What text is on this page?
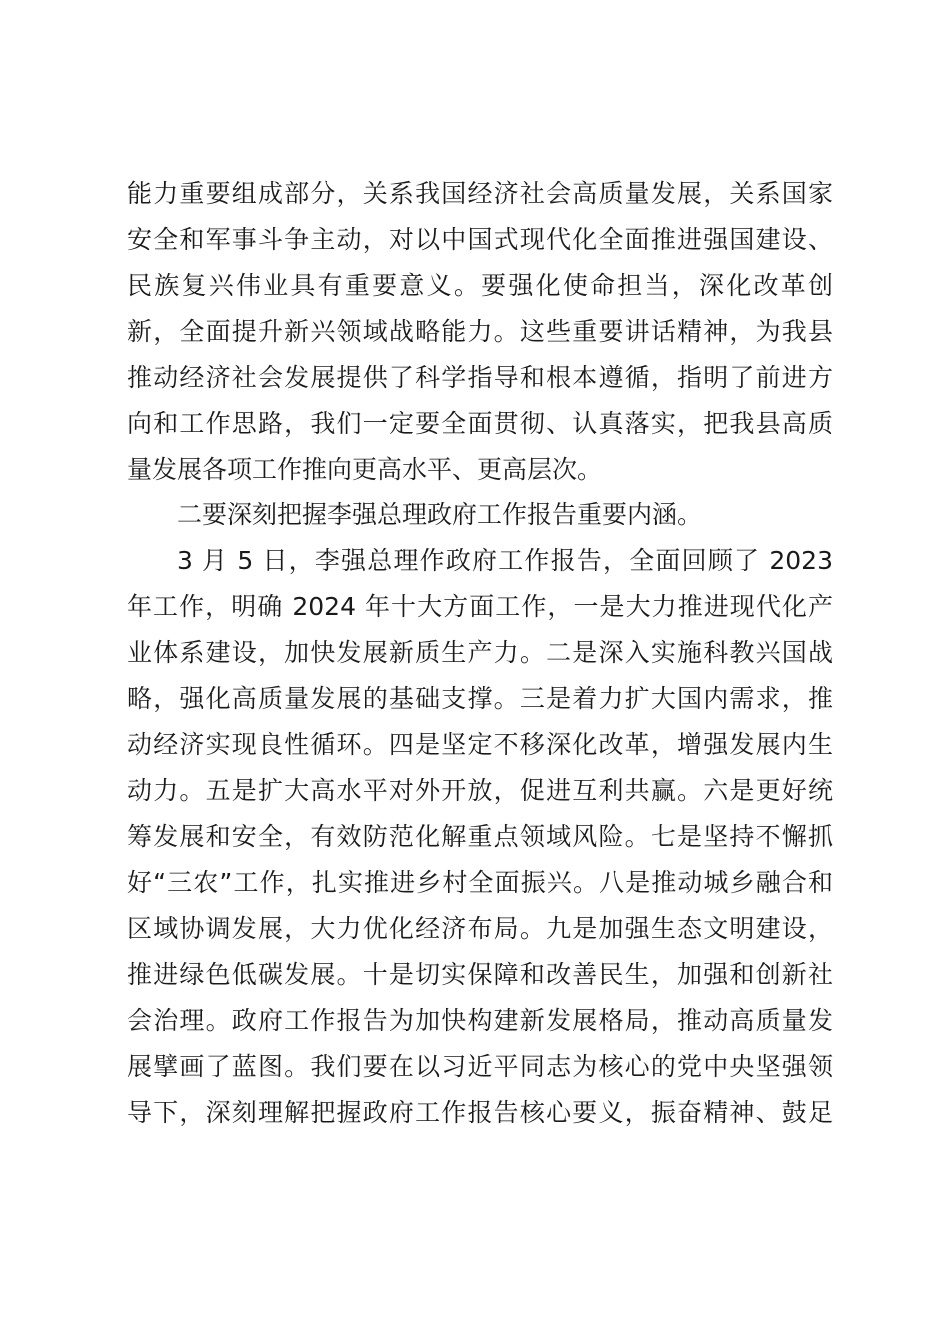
能力重要组成部分，关系我国经济社会高质量发展，关系国家
安全和军事斗争主动，对以中国式现代化全面推进强国建设、
民族复兴伟业具有重要意义。要强化使命担当，深化改革创
新，全面提升新兴领域战略能力。这些重要讲话精神，为我县
推动经济社会发展提供了科学指导和根本遵循，指明了前进方
向和工作思路，我们一定要全面贯彻、认真落实，把我县高质
量发展各项工作推向更高水平、更高层次。
二要深刻把握李强总理政府工作报告重要内涵。
3 月 5 日，李强总理作政府工作报告，全面回顾了 2023
年工作，明确 2024 年十大方面工作，一是大力推进现代化产
业体系建设，加快发展新质生产力。二是深入实施科教兴国战
略，强化高质量发展的基础支撑。三是着力扩大国内需求，推
动经济实现良性循环。四是坚定不移深化改革，增强发展内生
动力。五是扩大高水平对外开放，促进互利共赢。六是更好统
筹发展和安全，有效防范化解重点领域风险。七是坚持不懈抓
好“三农”工作，扎实推进乡村全面振兴。八是推动城乡融合和
区域协调发展，大力优化经济布局。九是加强生态文明建设，
推进绿色低碳发展。十是切实保障和改善民生，加强和创新社
会治理。政府工作报告为加快构建新发展格局，推动高质量发
展擘画了蓝图。我们要在以习近平同志为核心的党中央坚强领
导下，深刻理解把握政府工作报告核心要义，振奋精神、鼓足
